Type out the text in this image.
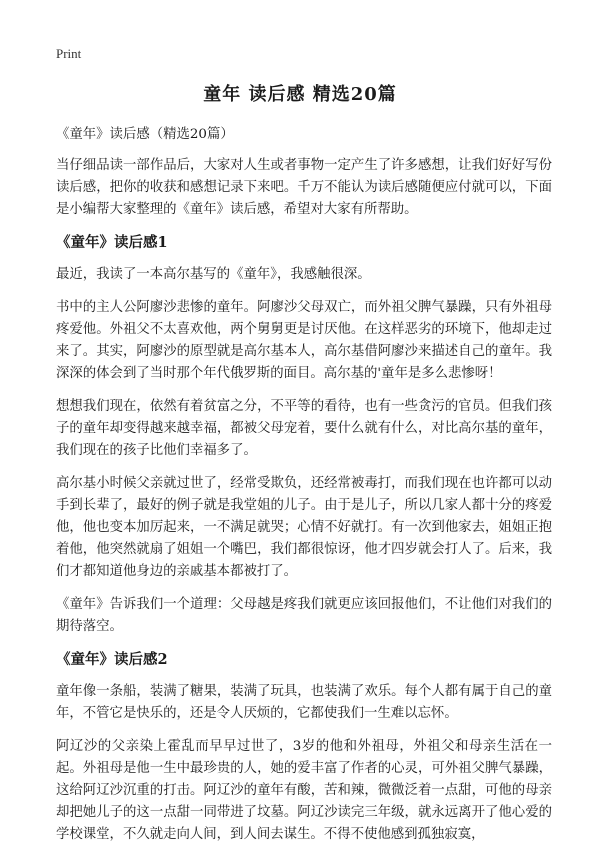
Print
童年 读后感 精选20篇

《童年》读后感（精选20篇）

当仔细品读一部作品后，大家对人生或者事物一定产生了许多感想，让我们好好写份读后感，把你的收获和感想记录下来吧。千万不能认为读后感随便应付就可以，下面是小编帮大家整理的《童年》读后感，希望对大家有所帮助。

《童年》读后感1

最近，我读了一本高尔基写的《童年》，我感触很深。

书中的主人公阿廖沙悲惨的童年。阿廖沙父母双亡，而外祖父脾气暴躁，只有外祖母疼爱他。外祖父不太喜欢他，两个舅舅更是讨厌他。在这样恶劣的环境下，他却走过来了。其实，阿廖沙的原型就是高尔基本人，高尔基借阿廖沙来描述自己的童年。我深深的体会到了当时那个年代俄罗斯的面目。高尔基的'童年是多么悲惨呀！

想想我们现在，依然有着贫富之分，不平等的看待，也有一些贪污的官员。但我们孩子的童年却变得越来越幸福，都被父母宠着，要什么就有什么，对比高尔基的童年，我们现在的孩子比他们幸福多了。

高尔基小时候父亲就过世了，经常受欺负，还经常被毒打，而我们现在也许都可以动手到长辈了，最好的例子就是我堂姐的儿子。由于是儿子，所以几家人都十分的疼爱他，他也变本加厉起来，一不满足就哭；心情不好就打。有一次到他家去，姐姐正抱着他，他突然就扇了姐姐一个嘴巴，我们都很惊讶，他才四岁就会打人了。后来，我们才都知道他身边的亲戚基本都被打了。

《童年》告诉我们一个道理：父母越是疼我们就更应该回报他们，不让他们对我们的期待落空。

《童年》读后感2

童年像一条船，装满了糖果，装满了玩具，也装满了欢乐。每个人都有属于自己的童年，不管它是快乐的，还是令人厌烦的，它都使我们一生难以忘怀。

阿辽沙的父亲染上霍乱而早早过世了，3岁的他和外祖母，外祖父和母亲生活在一起。外祖母是他一生中最珍贵的人，她的爱丰富了作者的心灵，可外祖父脾气暴躁，这给阿辽沙沉重的打击。阿辽沙的童年有酸，苦和辣，微微泛着一点甜，可他的母亲却把她儿子的这一点甜一同带进了坟墓。阿辽沙读完三年级，就永远离开了他心爱的学校课堂，不久就走向人间，到人间去谋生。不得不使他感到孤独寂寞，
